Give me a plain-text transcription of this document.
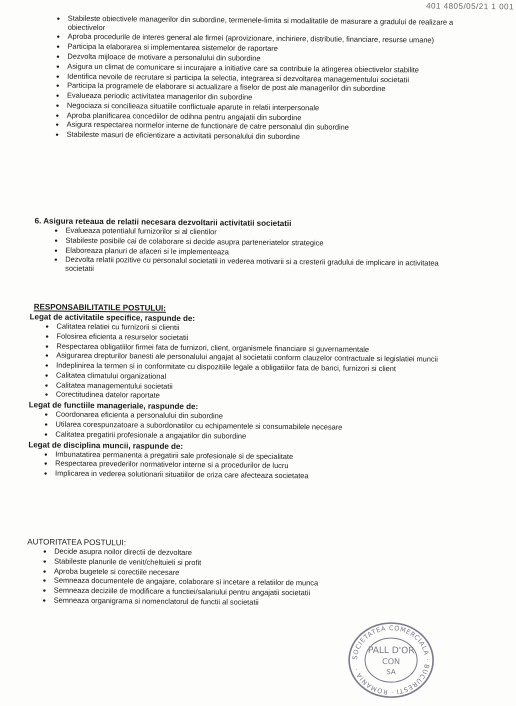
401 4805/05/21 1 001
• Stabileste obiectivele managerilor din subordine, termenele-limita si modalitatile de masurare a gradului de realizare a obiectivelor
• Aproba procedurile de interes general ale firmei (aprovizionare, inchiriere, distributie, financiare, resurse umane)
• Participa la elaborarea si implementarea sistemelor de raportare
• Dezvolta mijloace de motivare a personalului din subordine
• Asigura un climat de comunicare si incurajare a initiative care sa contribuie la atingerea obiectivelor stabilite
• Identifica nevoile de recrutare si participa la selectia, integrarea si dezvoltarea managementului societatii
• Participa la programele de elaborare si actualizare a fiselor de post ale managerilor din subordine
• Evalueaza periodic activitatea managerilor din subordine
• Negociaza si concilieaza situatiile conflictuale aparute in relatii interpersonale
• Aproba planificarea concediilor de odihna pentru angajatii din subordine
• Asigura respectarea normelor interne de functionare de catre personalul din subordine
• Stabileste masuri de eficientizare a activitatii personalului din subordine
6. Asigura reteaua de relatii necesara dezvoltarii activitatii societatii
• Evalueaza potentialul furnizorilor si al clientilor
• Stabileste posibile cai de colaborare si decide asupra parteneriatelor strategice
• Elaboreaza planuri de afaceri si le implementeaza
• Dezvolta relatii pozitive cu personalul societatii in vederea motivarii si a cresterii gradului de implicare in activitatea societatii
RESPONSABILITATILE POSTULUI:
Legat de activitatile specifice, raspunde de:
• Calitatea relatiei cu furnizorii si clientii
• Folosirea eficienta a resurselor societatii
• Respectarea obligatiilor firmei fata de furnizori, client, organismele financiare si guvernamentale
• Asigurarea drepturilor banesti ale personalului angajat al societatii conform clauzelor contractuale si legislatiei muncii
• Indeplinirea la termen si in conformitate cu dispozitiile legale a obligatiilor fata de banci, furnizori si client
• Calitatea climatului organizational
• Calitatea managementului societatii
• Corectitudinea datelor raportate
Legat de functiile manageriale, raspunde de:
• Coordonarea eficienta a personalului din subordine
• Utilarea corespunzatoare a subordonatilor cu echipamentele si consumabilele necesare
• Calitatea pregatirii profesionale a angajatilor din subordine
Legat de disciplina muncii, raspunde de:
• Imbunatatirea permanenta a pregatirii sale profesionale si de specialitate
• Respectarea prevederilor normativelor interne si a procedurilor de lucru
• Implicarea in vederea solutionarii situatiilor de criza care afecteaza societatea
AUTORITATEA POSTULUI:
• Decide asupra noilor directii de dezvoltare
• Stabileste planurile de venit/cheltuieli si profit
• Aproba bugetele si corectiile necesare
• Semneaza documentele de angajare, colaborare si incetare a relatiilor de munca
• Semneaza deciziile de modificare a functiei/salariului pentru angajatii societatii
• Semneaza organigrama si nomenclatorul de functii al societatii
SOCIETATEA COMERCIALA · BUCURESTI · ROMANIA ·
PALL D'OR
CON
SA
